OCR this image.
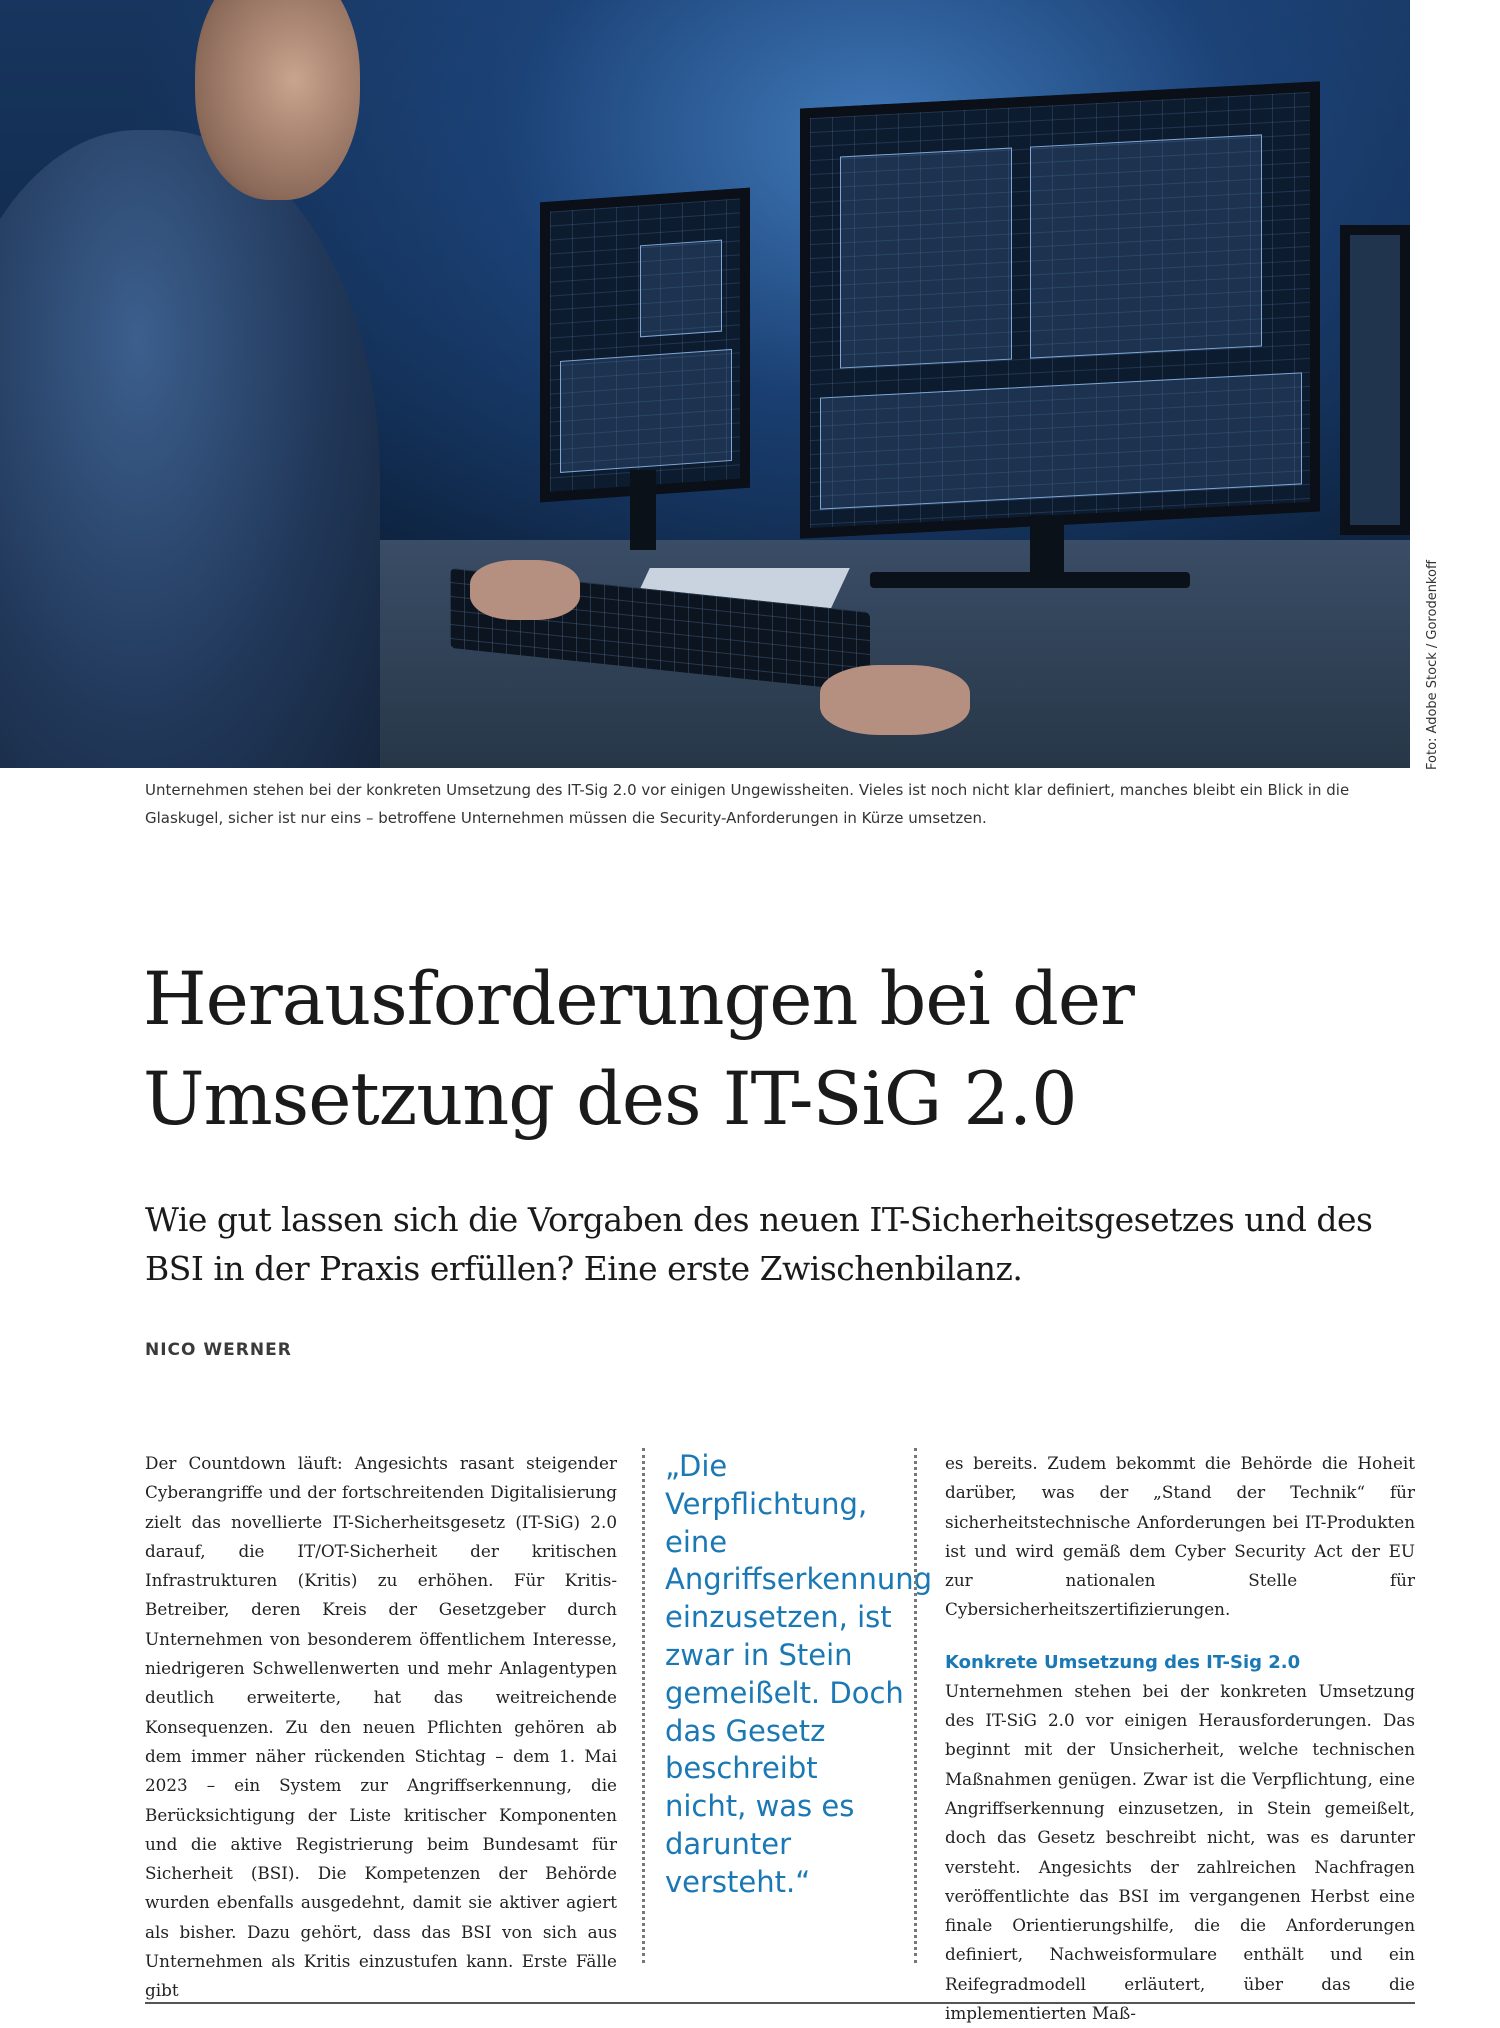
Foto: Adobe Stock / Gorodenkoff
Unternehmen stehen bei der konkreten Umsetzung des IT-Sig 2.0 vor einigen Ungewissheiten. Vieles ist noch nicht klar definiert, manches bleibt ein Blick in die Glaskugel, sicher ist nur eins – betroffene Unternehmen müssen die Security-Anforderungen in Kürze umsetzen.
Herausforderungen bei der
Umsetzung des IT-SiG 2.0
Wie gut lassen sich die Vorgaben des neuen IT-Sicherheitsgesetzes und des BSI in der Praxis erfüllen? Eine erste Zwischenbilanz.
NICO WERNER

Der Countdown läuft: Angesichts rasant steigender Cyberangriffe und der fortschreitenden Digitalisierung zielt das novellierte IT-Sicherheitsgesetz (IT-SiG) 2.0 darauf, die IT/OT-Sicherheit der kritischen Infrastrukturen (Kritis) zu erhöhen. Für Kritis-Betreiber, deren Kreis der Gesetzgeber durch Unternehmen von besonderem öffentlichem Interesse, niedrigeren Schwellenwerten und mehr Anlagentypen deutlich erweiterte, hat das weitreichende Konsequenzen. Zu den neuen Pflichten gehören ab dem immer näher rückenden Stichtag – dem 1. Mai 2023 – ein System zur Angriffserkennung, die Berücksichtigung der Liste kritischer Komponenten und die aktive Registrierung beim Bundesamt für Sicherheit (BSI). Die Kompetenzen der Behörde wurden ebenfalls ausgedehnt, damit sie aktiver agiert als bisher. Dazu gehört, dass das BSI von sich aus Unternehmen als Kritis einzustufen kann. Erste Fälle gibt

„Die Verpflichtung, eine Angriffserkennung einzusetzen, ist zwar in Stein gemeißelt. Doch das Gesetz beschreibt nicht, was es darunter versteht.“

es bereits. Zudem bekommt die Behörde die Hoheit darüber, was der „Stand der Technik“ für sicherheitstechnische Anforderungen bei IT-Produkten ist und wird gemäß dem Cyber Security Act der EU zur nationalen Stelle für Cybersicherheitszertifizierungen.

Konkrete Umsetzung des IT-Sig 2.0

Unternehmen stehen bei der konkreten Umsetzung des IT-SiG 2.0 vor einigen Herausforderungen. Das beginnt mit der Unsicherheit, welche technischen Maßnahmen genügen. Zwar ist die Verpflichtung, eine Angriffserkennung einzusetzen, in Stein gemeißelt, doch das Gesetz beschreibt nicht, was es darunter versteht. Angesichts der zahlreichen Nachfragen veröffentlichte das BSI im vergangenen Herbst eine finale Orientierungshilfe, die die Anforderungen definiert, Nachweisformulare enthält und ein Reifegradmodell erläutert, über das die implementierten Maß-
